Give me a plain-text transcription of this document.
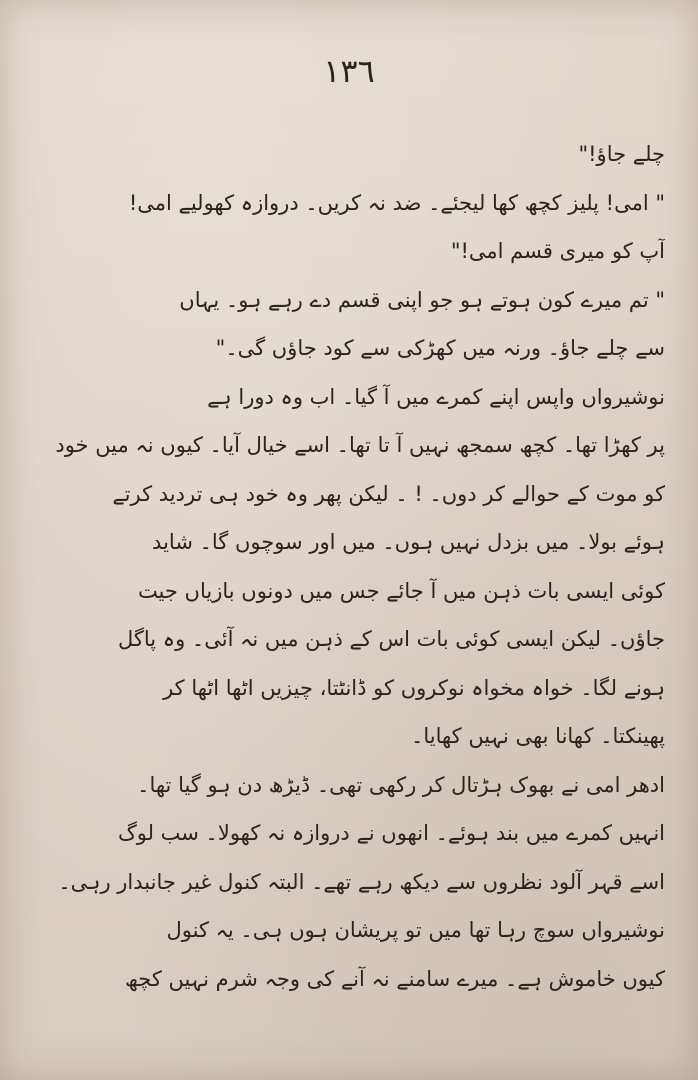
١٣٦
چلے جاؤ!"
" امی! پلیز کچھ کھا لیجئے۔ ضد نہ کریں۔ دروازہ کھولیے امی!
آپ کو میری قسم امی!"
" تم میرے کون ہوتے ہو جو اپنی قسم دے رہے ہو۔ یہاں
سے چلے جاؤ۔ ورنہ میں کھڑکی سے کود جاؤں گی۔"
نوشیرواں واپس اپنے کمرے میں آ گیا۔ اب وہ دورا ہے
پر کھڑا تھا۔ کچھ سمجھ نہیں آ تا تھا۔ اسے خیال آیا۔ کیوں نہ میں خود
کو موت کے حوالے کر دوں۔ ! ۔ لیکن پھر وہ خود ہی تردید کرتے
ہوئے بولا۔ میں بزدل نہیں ہوں۔ میں اور سوچوں گا۔ شاید
کوئی ایسی بات ذہن میں آ جائے جس میں دونوں بازیاں جیت
جاؤں۔ لیکن ایسی کوئی بات اس کے ذہن میں نہ آئی۔ وہ پاگل
ہونے لگا۔ خواہ مخواہ نوکروں کو ڈانٹتا، چیزیں اٹھا اٹھا کر
پھینکتا۔ کھانا بھی نہیں کھایا۔
ادھر امی نے بھوک ہڑتال کر رکھی تھی۔ ڈیڑھ دن ہو گیا تھا۔
انہیں کمرے میں بند ہوئے۔ انھوں نے دروازہ نہ کھولا۔ سب لوگ
اسے قہر آلود نظروں سے دیکھ رہے تھے۔ البتہ کنول غیر جانبدار رہی۔
نوشیرواں سوچ رہا تھا میں تو پریشان ہوں ہی۔ یہ کنول
کیوں خاموش ہے۔ میرے سامنے نہ آنے کی وجہ شرم نہیں کچھ
